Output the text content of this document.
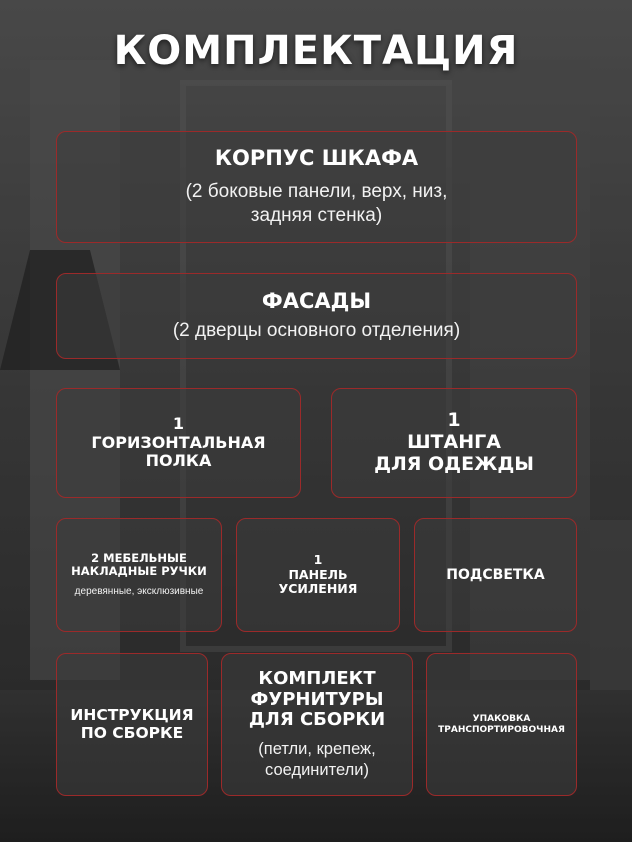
КОМПЛЕКТАЦИЯ
КОРПУС ШКАФА
(2 боковые панели, верх, низ,
задняя стенка)
ФАСАДЫ
(2 дверцы основного отделения)
1
ГОРИЗОНТАЛЬНАЯ
ПОЛКА
1
ШТАНГА
ДЛЯ ОДЕЖДЫ
2 МЕБЕЛЬНЫЕ
НАКЛАДНЫЕ РУЧКИ
деревянные, эксклюзивные
1
ПАНЕЛЬ
УСИЛЕНИЯ
ПОДСВЕТКА
ИНСТРУКЦИЯ
ПО СБОРКЕ
КОМПЛЕКТ
ФУРНИТУРЫ
ДЛЯ СБОРКИ
(петли, крепеж,
соединители)
УПАКОВКА
ТРАНСПОРТИРОВОЧНАЯ
